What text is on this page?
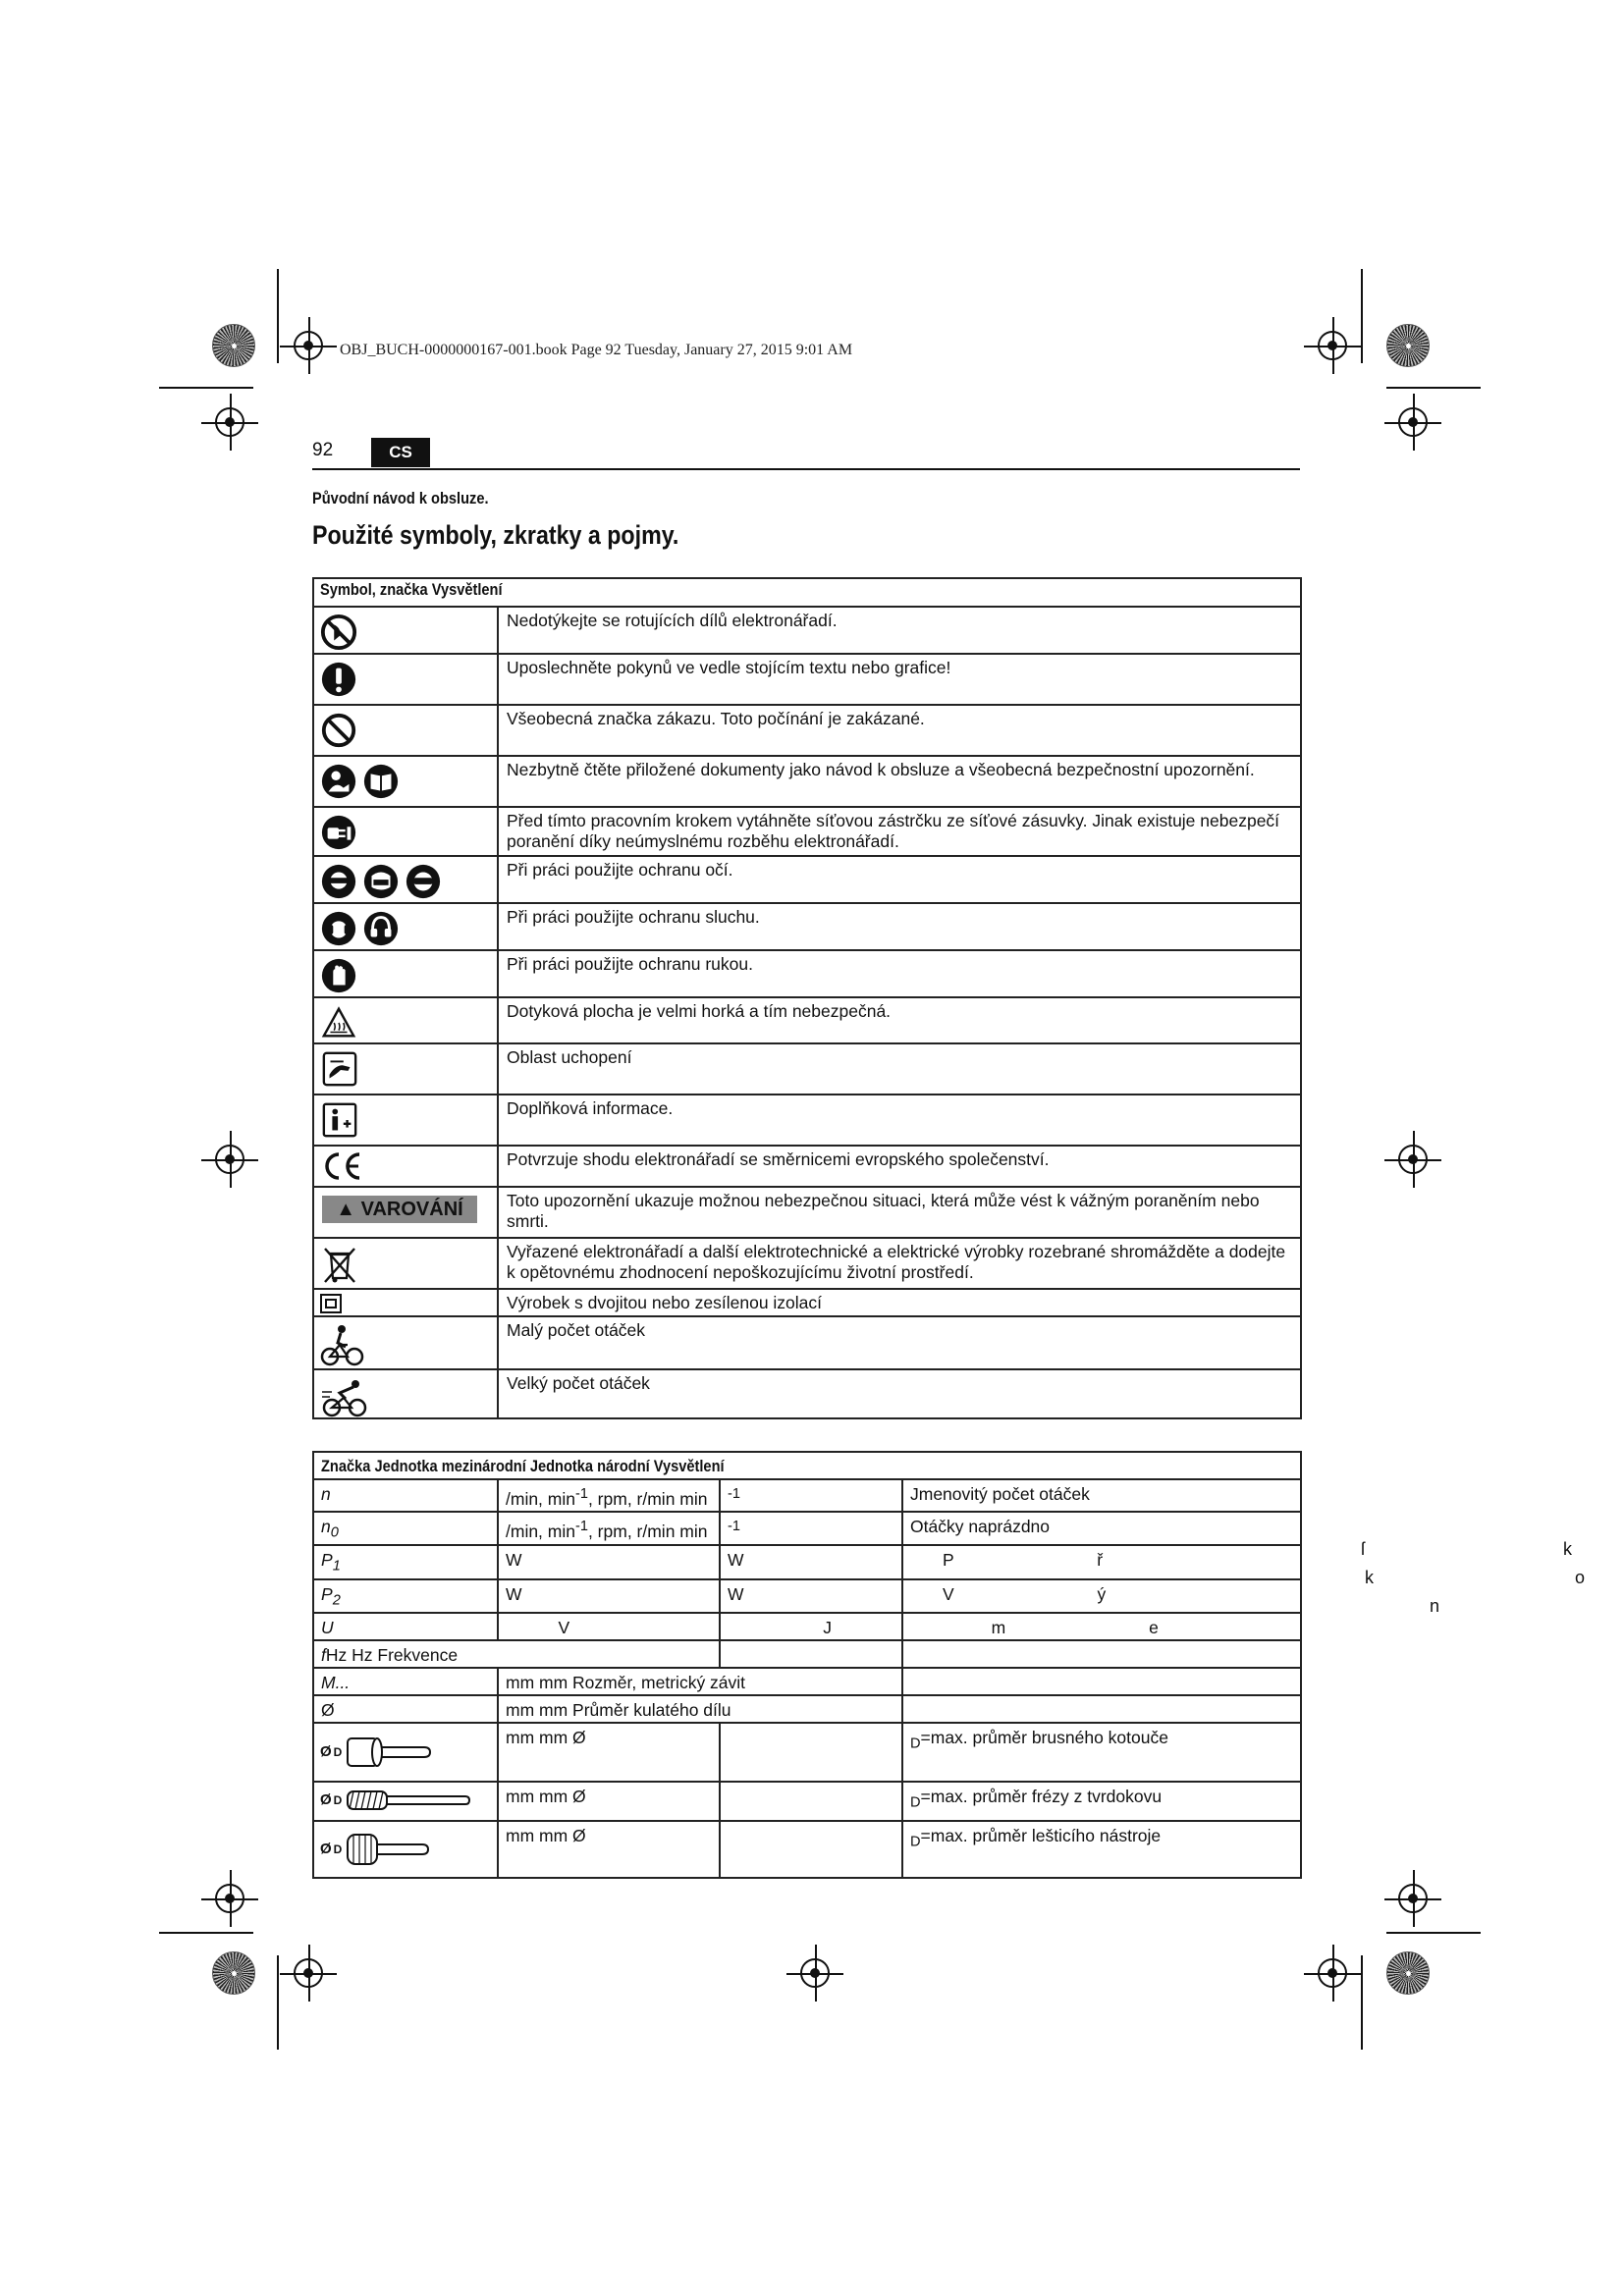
OBJ_BUCH-0000000167-001.book Page 92 Tuesday, January 27, 2015 9:01 AM
92	CS
Původní návod k obsluze.
Použité symboly, zkratky a pojmy.
Symbol, značka Vysvětlení	

	Nedotýkejte se rotujících dílů elektronářadí.

	Uposlechněte pokynů ve vedle stojícím textu nebo grafice!

	Všeobecná značka zákazu. Toto počínání je zakázané.

	Nezbytně čtěte přiložené dokumenty jako návod k obsluze a všeobecná bezpečnostní upozornění.

	Před tímto pracovním krokem vytáhněte síťovou zástrčku ze síťové zásuvky. Jinak existuje nebezpečí poranění díky neúmyslnému rozběhu elektronářadí.

	Při práci použijte ochranu očí.

	Při práci použijte ochranu sluchu.

	Při práci použijte ochranu rukou.

	Dotyková plocha je velmi horká a tím nebezpečná.

	Oblast uchopení

	Doplňková informace.

	Potvrzuje shodu elektronářadí se směrnicemi evropského společenství.

▲ VAROVÁNÍ	Toto upozornění ukazuje možnou nebezpečnou situaci, která může vést k vážným poraněním nebo smrti.

	Vyřazené elektronářadí a další elektrotechnické a elektrické výrobky rozebrané shromážděte a dodejte k opětovnému zhodnocení nepoškozujícímu životní prostředí.

	Výrobek s dvojitou nebo zesílenou izolací

	Malý počet otáček

	Velký počet otáček
Značka Jednotka mezinárodní Jednotka národní Vysvětlení			
n	/min, $\min^{-1}$, rpm, r/min min	$^{-1}$	Jmenovitý počet otáček
$n_0$	/min, $\min^{-1}$, rpm, r/min min	$^{-1}$	Otáčky naprázdno
$P_1$	W	W	P                              ř
$P_2$	W	W	V                              ý
U	V	J	m                              e
fHz Hz Frekvence			
M...	mm mm Rozměr, metrický závit		
Ø	mm mm Průměr kulatého dílu		

Ø D	mm mm Ø		$_D$=max. průměr brusného kotouče

Ø D	mm mm Ø		$_D$=max. průměr frézy z tvrdokovu

Ø D	mm mm Ø		$_D$=max. průměr lešticího nástroje
ſ	k
k	o
n
